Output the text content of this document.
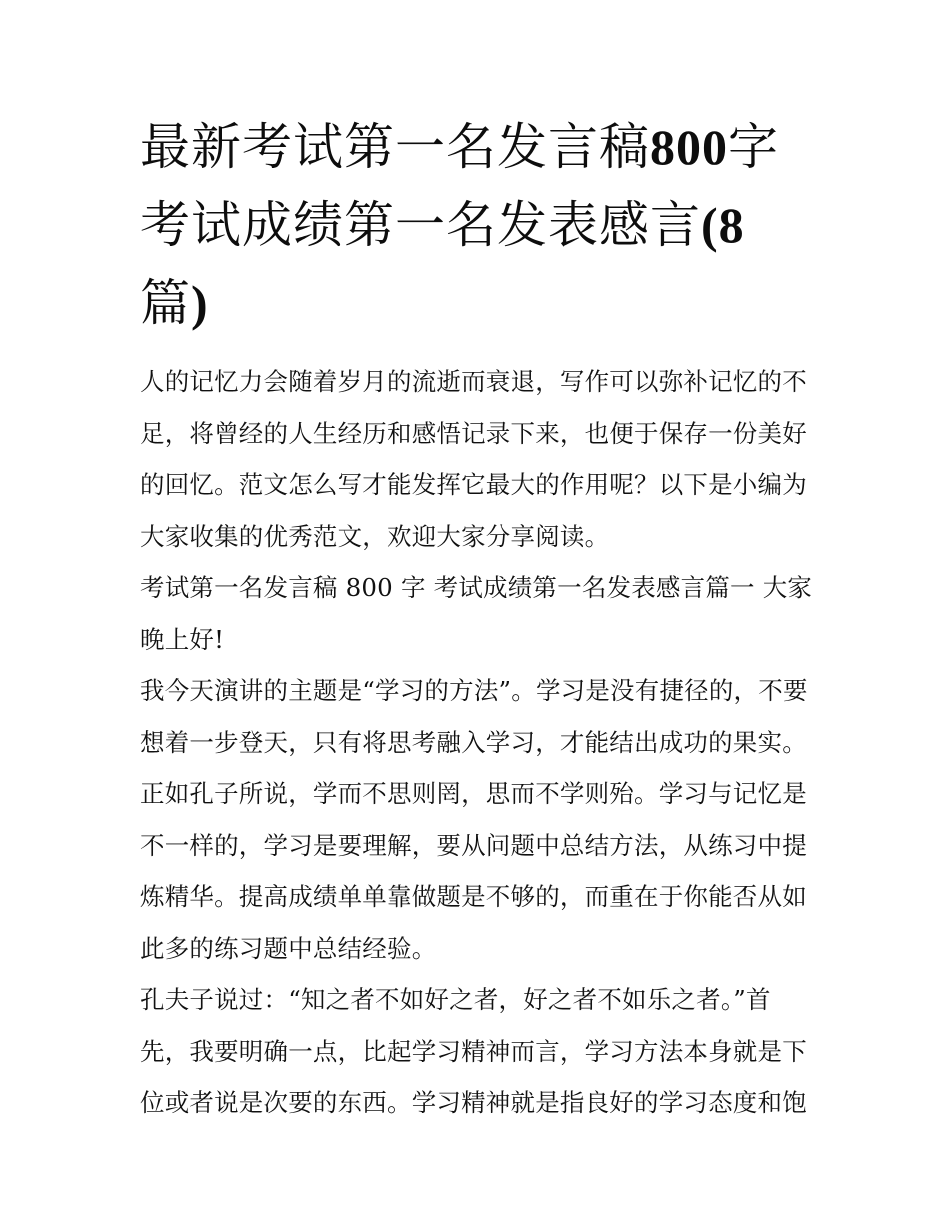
最新考试第一名发言稿800字
考试成绩第一名发表感言(8
篇)

人的记忆力会随着岁月的流逝而衰退，写作可以弥补记忆的不
足，将曾经的人生经历和感悟记录下来，也便于保存一份美好
的回忆。范文怎么写才能发挥它最大的作用呢？以下是小编为
大家收集的优秀范文，欢迎大家分享阅读。

考试第一名发言稿 800 字 考试成绩第一名发表感言篇一 大家
晚上好!

我今天演讲的主题是“学习的方法”。学习是没有捷径的，不要
想着一步登天，只有将思考融入学习，才能结出成功的果实。
正如孔子所说，学而不思则罔，思而不学则殆。学习与记忆是
不一样的，学习是要理解，要从问题中总结方法，从练习中提
炼精华。提高成绩单单靠做题是不够的，而重在于你能否从如
此多的练习题中总结经验。

孔夫子说过：“知之者不如好之者，好之者不如乐之者。”首
先，我要明确一点，比起学习精神而言，学习方法本身就是下
位或者说是次要的东西。学习精神就是指良好的学习态度和饱
